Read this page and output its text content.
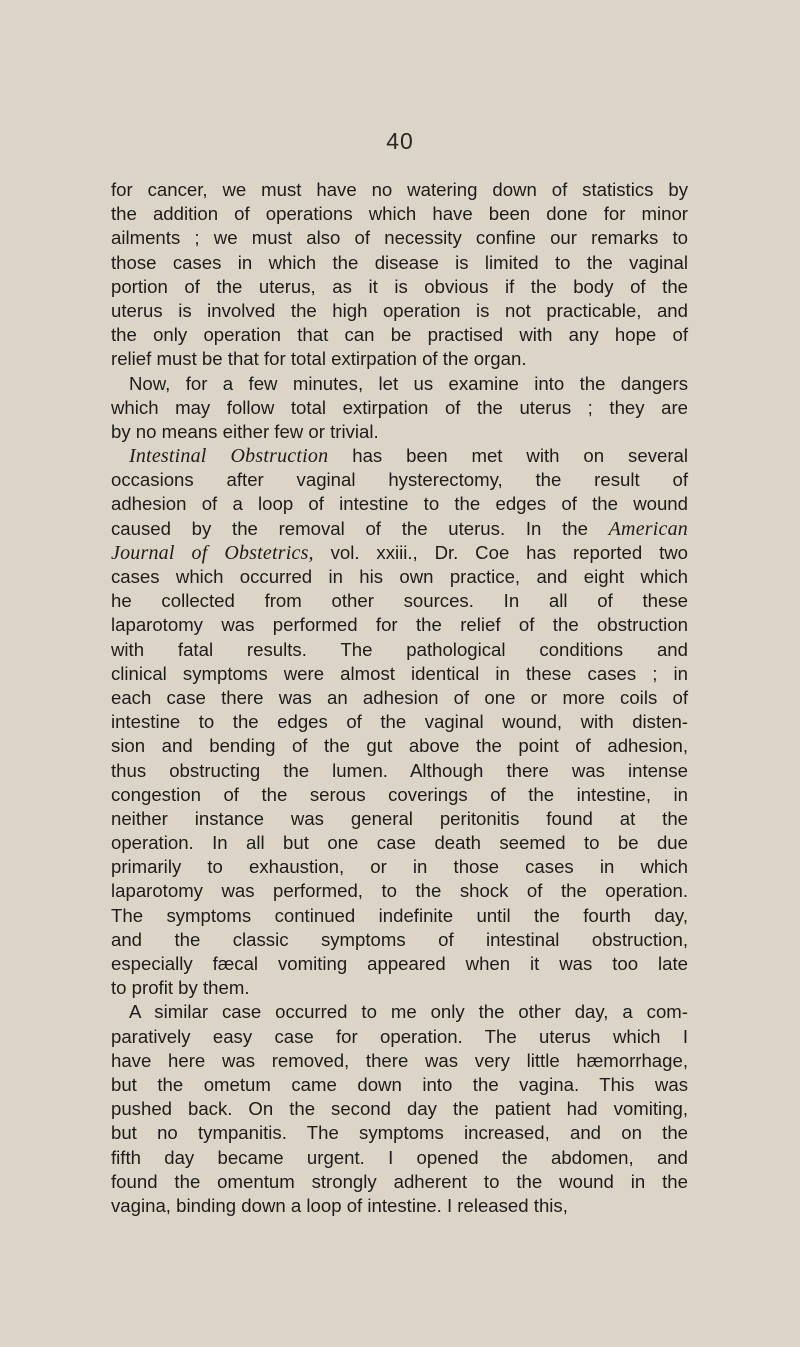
40
for cancer, we must have no watering down of statistics by
the addition of operations which have been done for minor
ailments ; we must also of necessity confine our remarks to
those cases in which the disease is limited to the vaginal
portion of the uterus, as it is obvious if the body of the
uterus is involved the high operation is not practicable, and
the only operation that can be practised with any hope of
relief must be that for total extirpation of the organ.
Now, for a few minutes, let us examine into the dangers
which may follow total extirpation of the uterus ; they are
by no means either few or trivial.
Intestinal Obstruction has been met with on several
occasions after vaginal hysterectomy, the result of
adhesion of a loop of intestine to the edges of the wound
caused by the removal of the uterus. In the American
Journal of Obstetrics, vol. xxiii., Dr. Coe has reported two
cases which occurred in his own practice, and eight which
he collected from other sources. In all of these
laparotomy was performed for the relief of the obstruction
with fatal results. The pathological conditions and
clinical symptoms were almost identical in these cases ; in
each case there was an adhesion of one or more coils of
intestine to the edges of the vaginal wound, with disten-
sion and bending of the gut above the point of adhesion,
thus obstructing the lumen. Although there was intense
congestion of the serous coverings of the intestine, in
neither instance was general peritonitis found at the
operation. In all but one case death seemed to be due
primarily to exhaustion, or in those cases in which
laparotomy was performed, to the shock of the operation.
The symptoms continued indefinite until the fourth day,
and the classic symptoms of intestinal obstruction,
especially fæcal vomiting appeared when it was too late
to profit by them.
A similar case occurred to me only the other day, a com-
paratively easy case for operation. The uterus which I
have here was removed, there was very little hæmorrhage,
but the ometum came down into the vagina. This was
pushed back. On the second day the patient had vomiting,
but no tympanitis. The symptoms increased, and on the
fifth day became urgent. I opened the abdomen, and
found the omentum strongly adherent to the wound in the
vagina, binding down a loop of intestine. I released this,
